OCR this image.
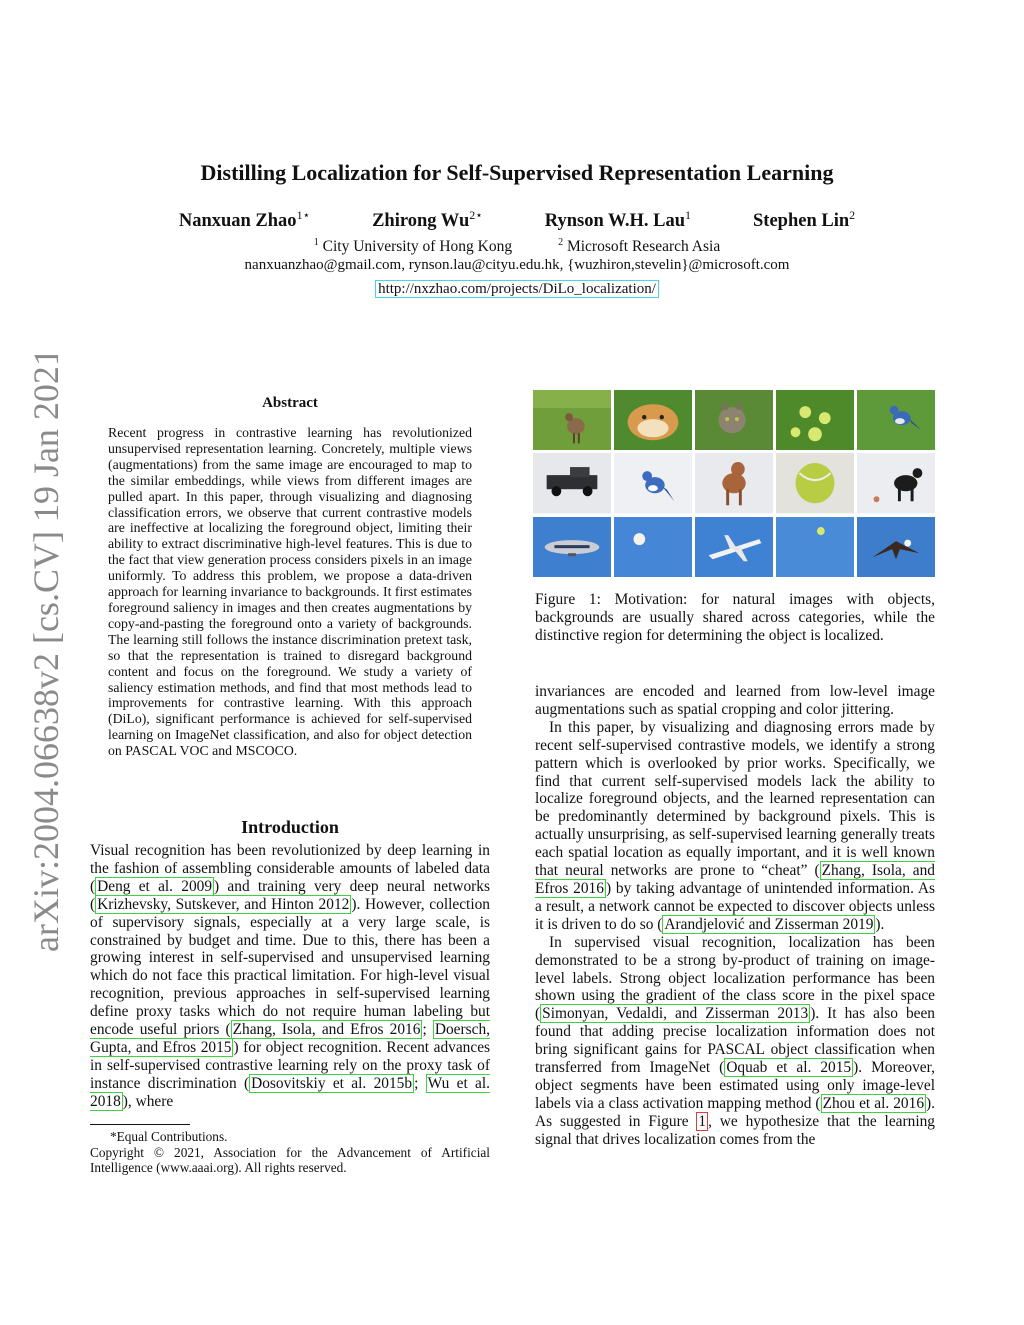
arXiv:2004.06638v2 [cs.CV] 19 Jan 2021
Distilling Localization for Self-Supervised Representation Learning
Nanxuan Zhao$^{1⋆}$	Zhirong $Wu^{2⋆}$	Rynson W.H. Lau$^1$	Stephen Lin$^2$
$^1$ City University of Hong Kong	$^2$ Microsoft Research Asia
nanxuanzhao@gmail.com, rynson.lau@cityu.edu.hk, {wuzhiron,stevelin}@microsoft.com
http://nxzhao.com/projects/DiLo_localization/
Abstract
Recent progress in contrastive learning has revolutionized unsupervised representation learning. Concretely, multiple views (augmentations) from the same image are encouraged to map to the similar embeddings, while views from different images are pulled apart. In this paper, through visualizing and diagnosing classification errors, we observe that current contrastive models are ineffective at localizing the foreground object, limiting their ability to extract discriminative high-level features. This is due to the fact that view generation process considers pixels in an image uniformly. To address this problem, we propose a data-driven approach for learning invariance to backgrounds. It first estimates foreground saliency in images and then creates augmentations by copy-and-pasting the foreground onto a variety of backgrounds. The learning still follows the instance discrimination pretext task, so that the representation is trained to disregard background content and focus on the foreground. We study a variety of saliency estimation methods, and find that most methods lead to improvements for contrastive learning. With this approach (DiLo), significant performance is achieved for self-supervised learning on ImageNet classification, and also for object detection on PASCAL VOC and MSCOCO.
Introduction

Visual recognition has been revolutionized by deep learning in the fashion of assembling considerable amounts of labeled data ( Deng et al. 2009 ) and training very deep neural networks ( Krizhevsky, Sutskever, and Hinton 2012 ). However, collection of supervisory signals, especially at a very large scale, is constrained by budget and time. Due to this, there has been a growing interest in self-supervised and unsupervised learning which do not face this practical limitation. For high-level visual recognition, previous approaches in self-supervised learning define proxy tasks which do not require human labeling but encode useful priors ( Zhang, Isola, and Efros 2016 ; Doersch, Gupta, and Efros 2015 ) for object recognition. Recent advances in self-supervised contrastive learning rely on the proxy task of instance discrimination ( Dosovitskiy et al. 2015b ; Wu et al. 2018 ), where

*Equal Contributions.
Copyright © 2021, Association for the Advancement of Artificial Intelligence (www.aaai.org). All rights reserved.
Figure 1: Motivation: for natural images with objects, backgrounds are usually shared across categories, while the distinctive region for determining the object is localized.

invariances are encoded and learned from low-level image augmentations such as spatial cropping and color jittering.

In this paper, by visualizing and diagnosing errors made by recent self-supervised contrastive models, we identify a strong pattern which is overlooked by prior works. Specifically, we find that current self-supervised models lack the ability to localize foreground objects, and the learned representation can be predominantly determined by background pixels. This is actually unsurprising, as self-supervised learning generally treats each spatial location as equally important, and it is well known that neural networks are prone to “cheat” ( Zhang, Isola, and Efros 2016 ) by taking advantage of unintended information. As a result, a network cannot be expected to discover objects unless it is driven to do so ( Arandjelović and Zisserman 2019 ).

In supervised visual recognition, localization has been demonstrated to be a strong by-product of training on image-level labels. Strong object localization performance has been shown using the gradient of the class score in the pixel space ( Simonyan, Vedaldi, and Zisserman 2013 ). It has also been found that adding precise localization information does not bring significant gains for PASCAL object classification when transferred from ImageNet ( Oquab et al. 2015 ). Moreover, object segments have been estimated using only image-level labels via a class activation mapping method ( Zhou et al. 2016 ). As suggested in Figure 1 , we hypothesize that the learning signal that drives localization comes from the
